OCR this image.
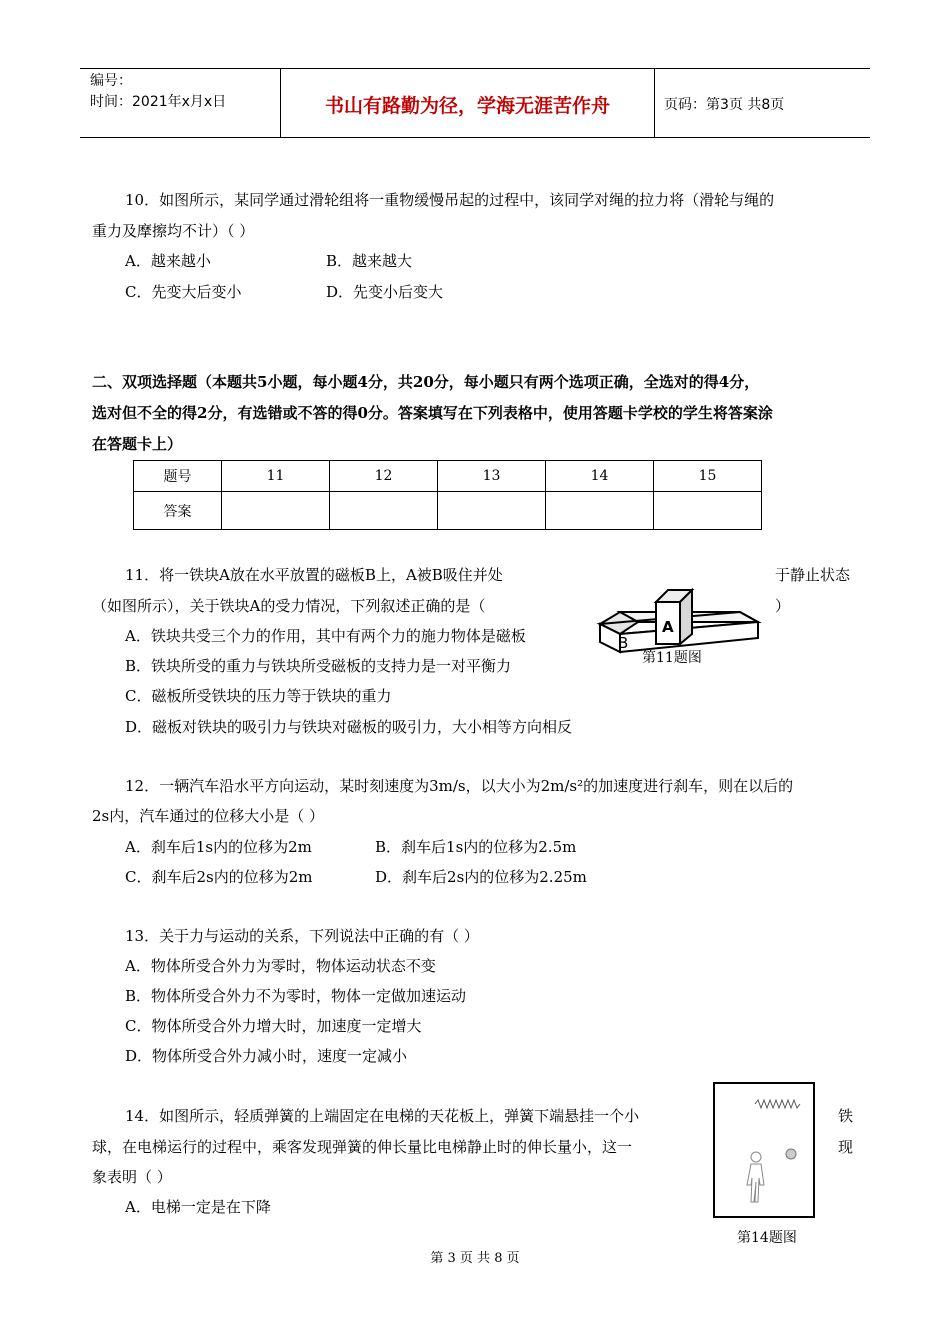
编号：
时间：2021年x月x日	书山有路勤为径，学海无涯苦作舟	页码：第3页 共8页
10．如图所示，某同学通过滑轮组将一重物缓慢吊起的过程中，该同学对绳的拉力将（滑轮与绳的
重力及摩擦均不计）（ ）
A．越来越小	B．越来越大
C．先变大后变小	D．先变小后变大
二、双项选择题（本题共5小题，每小题4分，共20分，每小题只有两个选项正确，全选对的得4分，
选对但不全的得2分，有选错或不答的得0分。答案填写在下列表格中，使用答题卡学校的学生将答案涂
在答题卡上）
题号	11	12	13	14	15
答案					
11．将一铁块A放在水平放置的磁板B上，A被B吸住并处	于静止状态
（如图所示），关于铁块A的受力情况，下列叙述正确的是（	）
A．铁块共受三个力的作用，其中有两个力的施力物体是磁板
B．铁块所受的重力与铁块所受磁板的支持力是一对平衡力
C．磁板所受铁块的压力等于铁块的重力
D．磁板对铁块的吸引力与铁块对磁板的吸引力，大小相等方向相反
A
B
第11题图
12．一辆汽车沿水平方向运动，某时刻速度为3m/s，以大小为2m/s²的加速度进行刹车，则在以后的
2s内，汽车通过的位移大小是（ ）
A．刹车后1s内的位移为2m	B．刹车后1s内的位移为2.5m
C．刹车后2s内的位移为2m	D．刹车后2s内的位移为2.25m
13．关于力与运动的关系，下列说法中正确的有（ ）
A．物体所受合外力为零时，物体运动状态不变
B．物体所受合外力不为零时，物体一定做加速运动
C．物体所受合外力增大时，加速度一定增大
D．物体所受合外力减小时，速度一定减小
14．如图所示，轻质弹簧的上端固定在电梯的天花板上，弹簧下端悬挂一个小	铁
球，在电梯运行的过程中，乘客发现弹簧的伸长量比电梯静止时的伸长量小，这一	现
象表明（ ）
A．电梯一定是在下降
第14题图
第 3 页 共 8 页
